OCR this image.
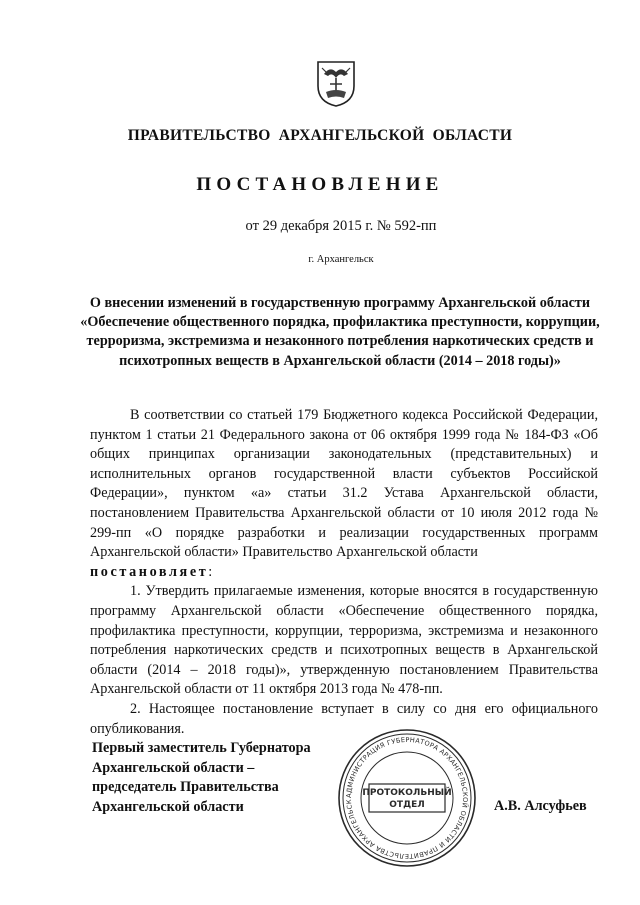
ПРАВИТЕЛЬСТВО АРХАНГЕЛЬСКОЙ ОБЛАСТИ
ПОСТАНОВЛЕНИЕ
от 29 декабря 2015 г. № 592-пп
г. Архангельск
О внесении изменений в государственную программу Архангельской области «Обеспечение общественного порядка, профилактика преступности, коррупции, терроризма, экстремизма и незаконного потребления наркотических средств и психотропных веществ в Архангельской области (2014 – 2018 годы)»

В соответствии со статьей 179 Бюджетного кодекса Российской Федерации, пунктом 1 статьи 21 Федерального закона от 06 октября 1999 года № 184-ФЗ «Об общих принципах организации законодательных (представительных) и исполнительных органов государственной власти субъектов Российской Федерации», пунктом «а» статьи 31.2 Устава Архангельской области, постановлением Правительства Архангельской области от 10 июля 2012 года № 299-пп «О порядке разработки и реализации государственных программ Архангельской области» Правительство Архангельской области

постановляет:

1. Утвердить прилагаемые изменения, которые вносятся в государственную программу Архангельской области «Обеспечение общественного порядка, профилактика преступности, коррупции, терроризма, экстремизма и незаконного потребления наркотических средств и психотропных веществ в Архангельской области (2014 – 2018 годы)», утвержденную постановлением Правительства Архангельской области от 11 октября 2013 года № 478-пп.

2. Настоящее постановление вступает в силу со дня его официального опубликования.

Первый заместитель Губернатора
Архангельской области –
председатель Правительства
Архангельской области	А.В. Алсуфьев
АДМИНИСТРАЦИЯ ГУБЕРНАТОРА АРХАНГЕЛЬСКОЙ ОБЛАСТИ И ПРАВИТЕЛЬСТВА АРХАНГЕЛЬСК
ПРОТОКОЛЬНЫЙ
ОТДЕЛ
